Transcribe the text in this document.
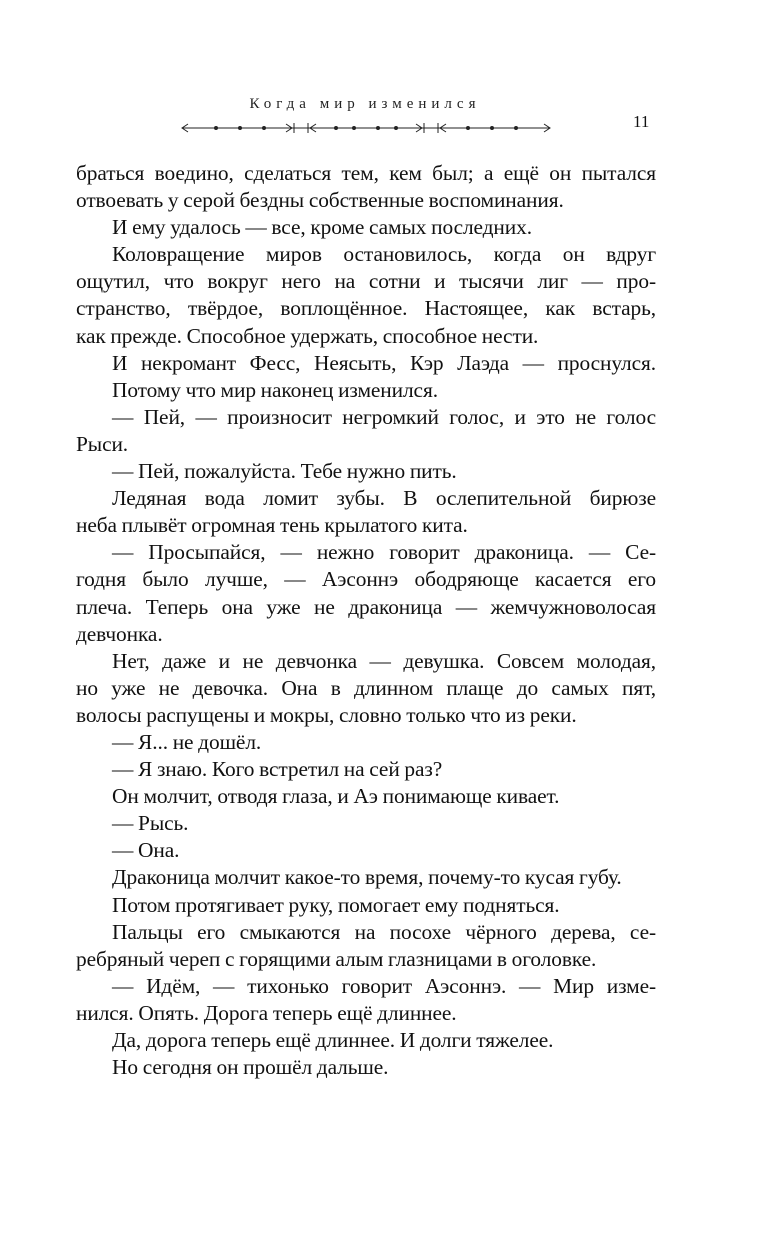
Когда мир изменился
11

браться воедино, сделаться тем, кем был; а ещё он пытался

отвоевать у серой бездны собственные воспоминания.

И ему удалось — все, кроме самых последних.

Коловращение миров остановилось, когда он вдруг

ощутил, что вокруг него на сотни и тысячи лиг — про-

странство, твёрдое, воплощённое. Настоящее, как встарь,

как прежде. Способное удержать, способное нести.

И некромант Фесс, Неясыть, Кэр Лаэда — проснулся.

Потому что мир наконец изменился.

— Пей, — произносит негромкий голос, и это не голос

Рыси.

— Пей, пожалуйста. Тебе нужно пить.

Ледяная вода ломит зубы. В ослепительной бирюзе

неба плывёт огромная тень крылатого кита.

— Просыпайся, — нежно говорит драконица. — Се-

годня было лучше, — Аэсоннэ ободряюще касается его

плеча. Теперь она уже не драконица — жемчужноволосая

девчонка.

Нет, даже и не девчонка — девушка. Совсем молодая,

но уже не девочка. Она в длинном плаще до самых пят,

волосы распущены и мокры, словно только что из реки.

— Я... не дошёл.

— Я знаю. Кого встретил на сей раз?

Он молчит, отводя глаза, и Аэ понимающе кивает.

— Рысь.

— Она.

Драконица молчит какое-то время, почему-то кусая губу.

Потом протягивает руку, помогает ему подняться.

Пальцы его смыкаются на посохе чёрного дерева, се-

ребряный череп с горящими алым глазницами в оголовке.

— Идём, — тихонько говорит Аэсоннэ. — Мир изме-

нился. Опять. Дорога теперь ещё длиннее.

Да, дорога теперь ещё длиннее. И долги тяжелее.

Но сегодня он прошёл дальше.
